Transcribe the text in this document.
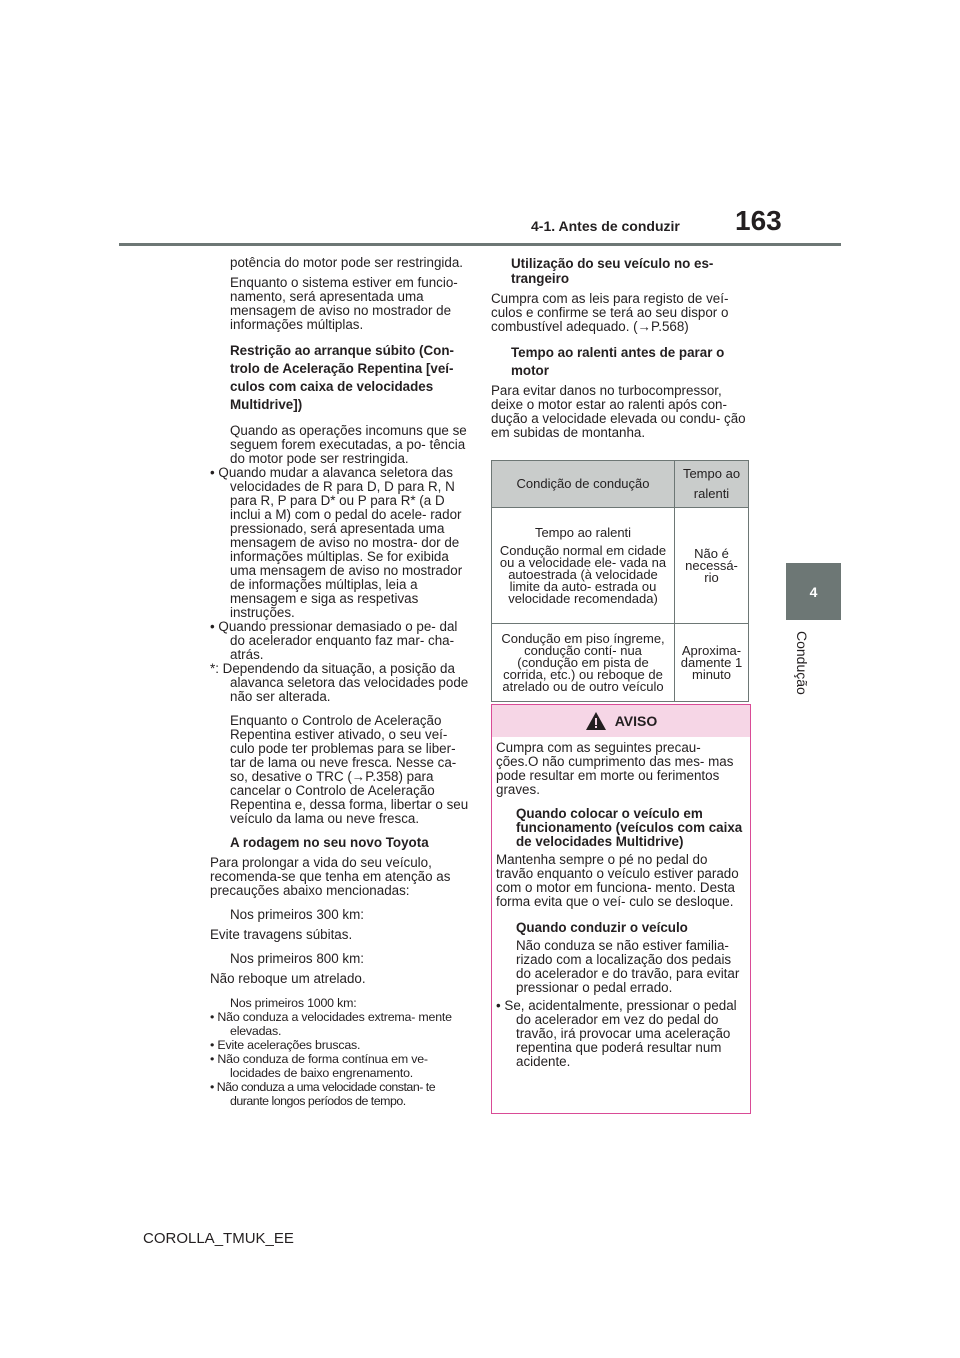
4-1. Antes de conduzir 163
4
Condução

potência do motor pode ser restringida.

Enquanto o sistema estiver em funcio- namento, será apresentada uma mensagem de aviso no mostrador de informações múltiplas.

Restrição ao arranque súbito (Con- trolo de Aceleração Repentina [veí- culos com caixa de velocidades Multidrive])

Quando as operações incomuns que se seguem forem executadas, a po- tência do motor pode ser restringida.

• Quando mudar a alavanca seletora das velocidades de R para D, D para R, N para R, P para D* ou P para R* (a D inclui a M) com o pedal do acele- rador pressionado, será apresentada uma mensagem de aviso no mostra- dor de informações múltiplas. Se for exibida uma mensagem de aviso no mostrador de informações múltiplas, leia a mensagem e siga as respetivas instruções.

• Quando pressionar demasiado o pe- dal do acelerador enquanto faz mar- cha-atrás.

*: Dependendo da situação, a posição da alavanca seletora das velocidades pode não ser alterada.

Enquanto o Controlo de Aceleração Repentina estiver ativado, o seu veí- culo pode ter problemas para se liber- tar de lama ou neve fresca. Nesse ca- so, desative o TRC (→P.358) para cancelar o Controlo de Aceleração Repentina e, dessa forma, libertar o seu veículo da lama ou neve fresca.

A rodagem no seu novo Toyota

Para prolongar a vida do seu veículo, recomenda-se que tenha em atenção as precauções abaixo mencionadas:

Nos primeiros 300 km:

Evite travagens súbitas.

Nos primeiros 800 km:

Não reboque um atrelado.

Nos primeiros 1000 km:

• Não conduza a velocidades extrema- mente elevadas.

• Evite acelerações bruscas.

• Não conduza de forma contínua em ve- locidades de baixo engrenamento.

• Não conduza a uma velocidade constan- te durante longos períodos de tempo.

Utilização do seu veículo no es- trangeiro

Cumpra com as leis para registo de veí- culos e confirme se terá ao seu dispor o combustível adequado. (→P.568)

Tempo ao ralenti antes de parar o motor

Para evitar danos no turbocompressor, deixe o motor estar ao ralenti após con- dução a velocidade elevada ou condu- ção em subidas de montanha.

Condição de condução	Tempo ao ralenti

Tempo ao ralenti
Condução normal em cidade ou a velocidade ele- vada na autoestrada (à velocidade limite da auto- estrada ou velocidade recomendada)	Não é necessá- rio
Condução em piso íngreme, condução contí- nua (condução em pista de corrida, etc.) ou reboque de atrelado ou de outro veículo	Aproxima- damente 1 minuto
AVISO

Cumpra com as seguintes precau- ções.O não cumprimento das mes- mas pode resultar em morte ou ferimentos graves.

Quando colocar o veículo em funcionamento (veículos com caixa de velocidades Multidrive)

Mantenha sempre o pé no pedal do travão enquanto o veículo estiver parado com o motor em funciona- mento. Desta forma evita que o veí- culo se desloque.

Quando conduzir o veículo

Não conduza se não estiver familia- rizado com a localização dos pedais do acelerador e do travão, para evitar pressionar o pedal errado.

• Se, acidentalmente, pressionar o pedal do acelerador em vez do pedal do travão, irá provocar uma aceleração repentina que poderá resultar num acidente.

COROLLA_TMUK_EE
